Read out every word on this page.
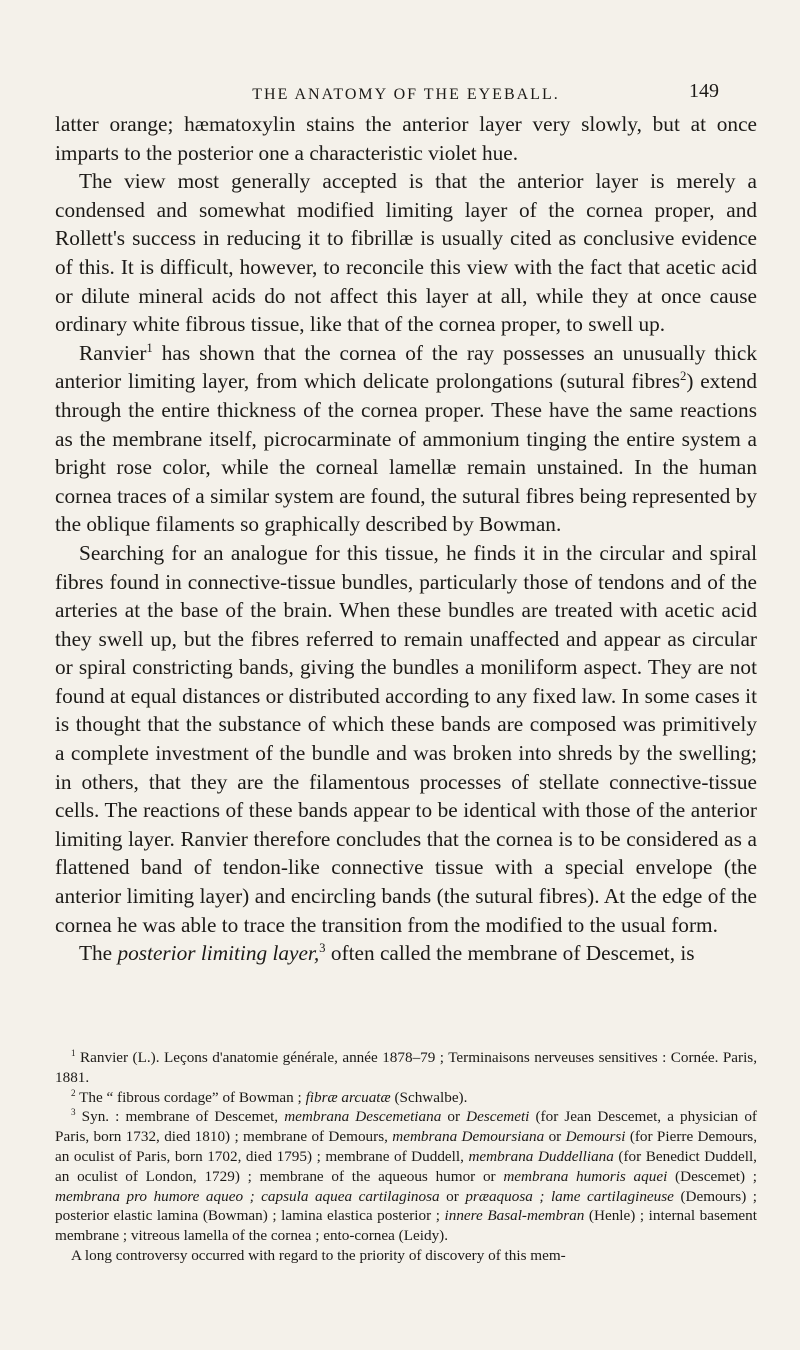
THE ANATOMY OF THE EYEBALL.	149

latter orange; hæmatoxylin stains the anterior layer very slowly, but at once imparts to the posterior one a characteristic violet hue.

The view most generally accepted is that the anterior layer is merely a condensed and somewhat modified limiting layer of the cornea proper, and Rollett's success in reducing it to fibrillæ is usually cited as conclusive evidence of this. It is difficult, however, to reconcile this view with the fact that acetic acid or dilute mineral acids do not affect this layer at all, while they at once cause ordinary white fibrous tissue, like that of the cornea proper, to swell up.

Ranvier$^1$ has shown that the cornea of the ray possesses an unusually thick anterior limiting layer, from which delicate prolongations (sutural fibres$^2$) extend through the entire thickness of the cornea proper. These have the same reactions as the membrane itself, picrocarminate of ammonium tinging the entire system a bright rose color, while the corneal lamellæ remain unstained. In the human cornea traces of a similar system are found, the sutural fibres being represented by the oblique filaments so graphically described by Bowman.

Searching for an analogue for this tissue, he finds it in the circular and spiral fibres found in connective-tissue bundles, particularly those of tendons and of the arteries at the base of the brain. When these bundles are treated with acetic acid they swell up, but the fibres referred to remain unaffected and appear as circular or spiral constricting bands, giving the bundles a moniliform aspect. They are not found at equal distances or distributed according to any fixed law. In some cases it is thought that the substance of which these bands are composed was primitively a complete investment of the bundle and was broken into shreds by the swelling; in others, that they are the filamentous processes of stellate connective-tissue cells. The reactions of these bands appear to be identical with those of the anterior limiting layer. Ranvier therefore concludes that the cornea is to be considered as a flattened band of tendon-like connective tissue with a special envelope (the anterior limiting layer) and encircling bands (the sutural fibres). At the edge of the cornea he was able to trace the transition from the modified to the usual form.

The posterior limiting layer,$^3$ often called the membrane of Descemet, is

$^1$ Ranvier (L.). Leçons d'anatomie générale, année 1878–79 ; Terminaisons nerveuses sensitives : Cornée. Paris, 1881.

$^2$ The “ fibrous cordage” of Bowman ; fibræ arcuatæ (Schwalbe).

$^3$ Syn. : membrane of Descemet, membrana Descemetiana or Descemeti (for Jean Descemet, a physician of Paris, born 1732, died 1810) ; membrane of Demours, membrana Demoursiana or Demoursi (for Pierre Demours, an oculist of Paris, born 1702, died 1795) ; membrane of Duddell, membrana Duddelliana (for Benedict Duddell, an oculist of London, 1729) ; membrane of the aqueous humor or membrana humoris aquei (Descemet) ; membrana pro humore aqueo ; capsula aquea cartilaginosa or præaquosa ; lame cartilagineuse (Demours) ; posterior elastic lamina (Bowman) ; lamina elastica posterior ; innere Basal-membran (Henle) ; internal basement membrane ; vitreous lamella of the cornea ; ento-cornea (Leidy).

A long controversy occurred with regard to the priority of discovery of this mem-
